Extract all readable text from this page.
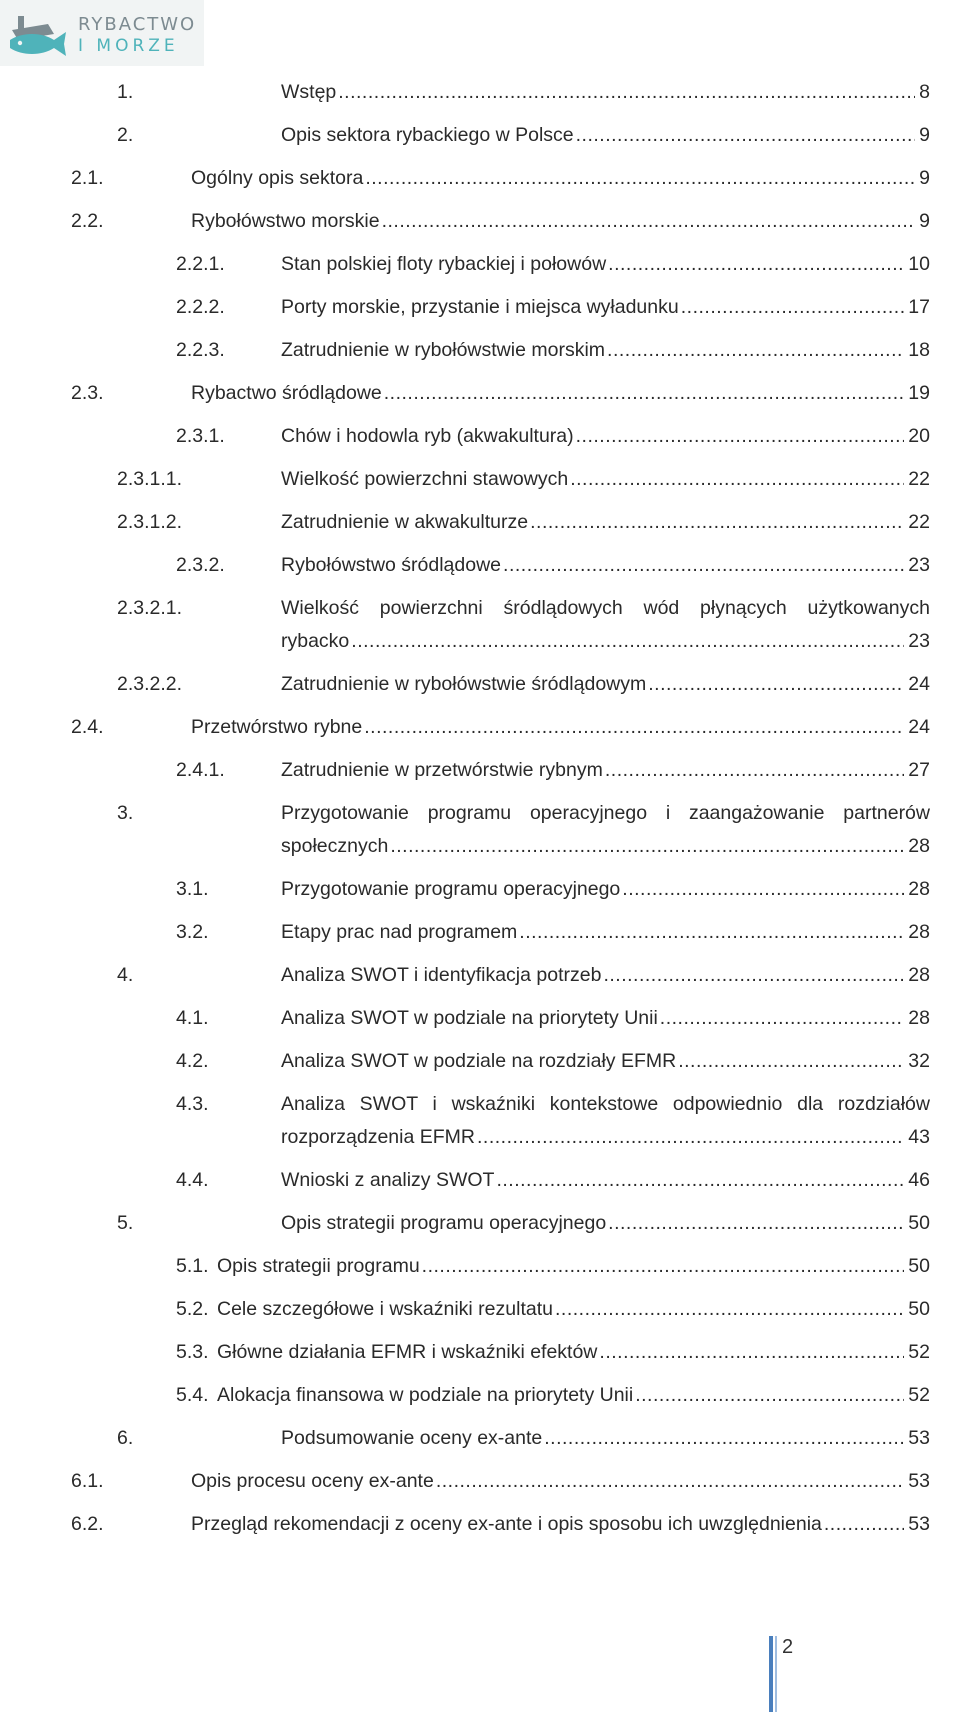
RYBACTWO
I MORZE
1.	Wstęp .....	8
2.	Opis sektora rybackiego w Polsce .....	9
2.1.	Ogólny opis sektora .....	9
2.2.	Rybołówstwo morskie .....	9
2.2.1.	Stan polskiej floty rybackiej i połowów .....	10
2.2.2.	Porty morskie, przystanie i miejsca wyładunku .....	17
2.2.3.	Zatrudnienie w rybołówstwie morskim .....	18
2.3.	Rybactwo śródlądowe .....	19
2.3.1.	Chów i hodowla ryb (akwakultura) .....	20
2.3.1.1.	Wielkość powierzchni stawowych .....	22
2.3.1.2.	Zatrudnienie w akwakulturze .....	22
2.3.2.	Rybołówstwo śródlądowe .....	23
2.3.2.1.	Wielkość powierzchni śródlądowych wód płynących użytkowanych
rybacko .....	23
2.3.2.2.	Zatrudnienie w rybołówstwie śródlądowym .....	24
2.4.	Przetwórstwo rybne .....	24
2.4.1.	Zatrudnienie w przetwórstwie rybnym .....	27
3.	Przygotowanie programu operacyjnego i zaangażowanie partnerów
społecznych .....	28
3.1.	Przygotowanie programu operacyjnego .....	28
3.2.	Etapy prac nad programem .....	28
4.	Analiza SWOT i identyfikacja potrzeb .....	28
4.1.	Analiza SWOT w podziale na priorytety Unii .....	28
4.2.	Analiza SWOT w podziale na rozdziały EFMR .....	32
4.3.	Analiza SWOT i wskaźniki kontekstowe odpowiednio dla rozdziałów
rozporządzenia EFMR .....	43
4.4.	Wnioski z analizy SWOT .....	46
5.	Opis strategii programu operacyjnego .....	50
5.1. Opis strategii programu .....	50
5.2. Cele szczegółowe i wskaźniki rezultatu .....	50
5.3. Główne działania EFMR i wskaźniki efektów .....	52
5.4. Alokacja finansowa w podziale na priorytety Unii .....	52
6.	Podsumowanie oceny ex-ante .....	53
6.1.	Opis procesu oceny ex-ante .....	53
6.2.	Przegląd rekomendacji z oceny ex-ante i opis sposobu ich uwzględnienia .....	53
2
